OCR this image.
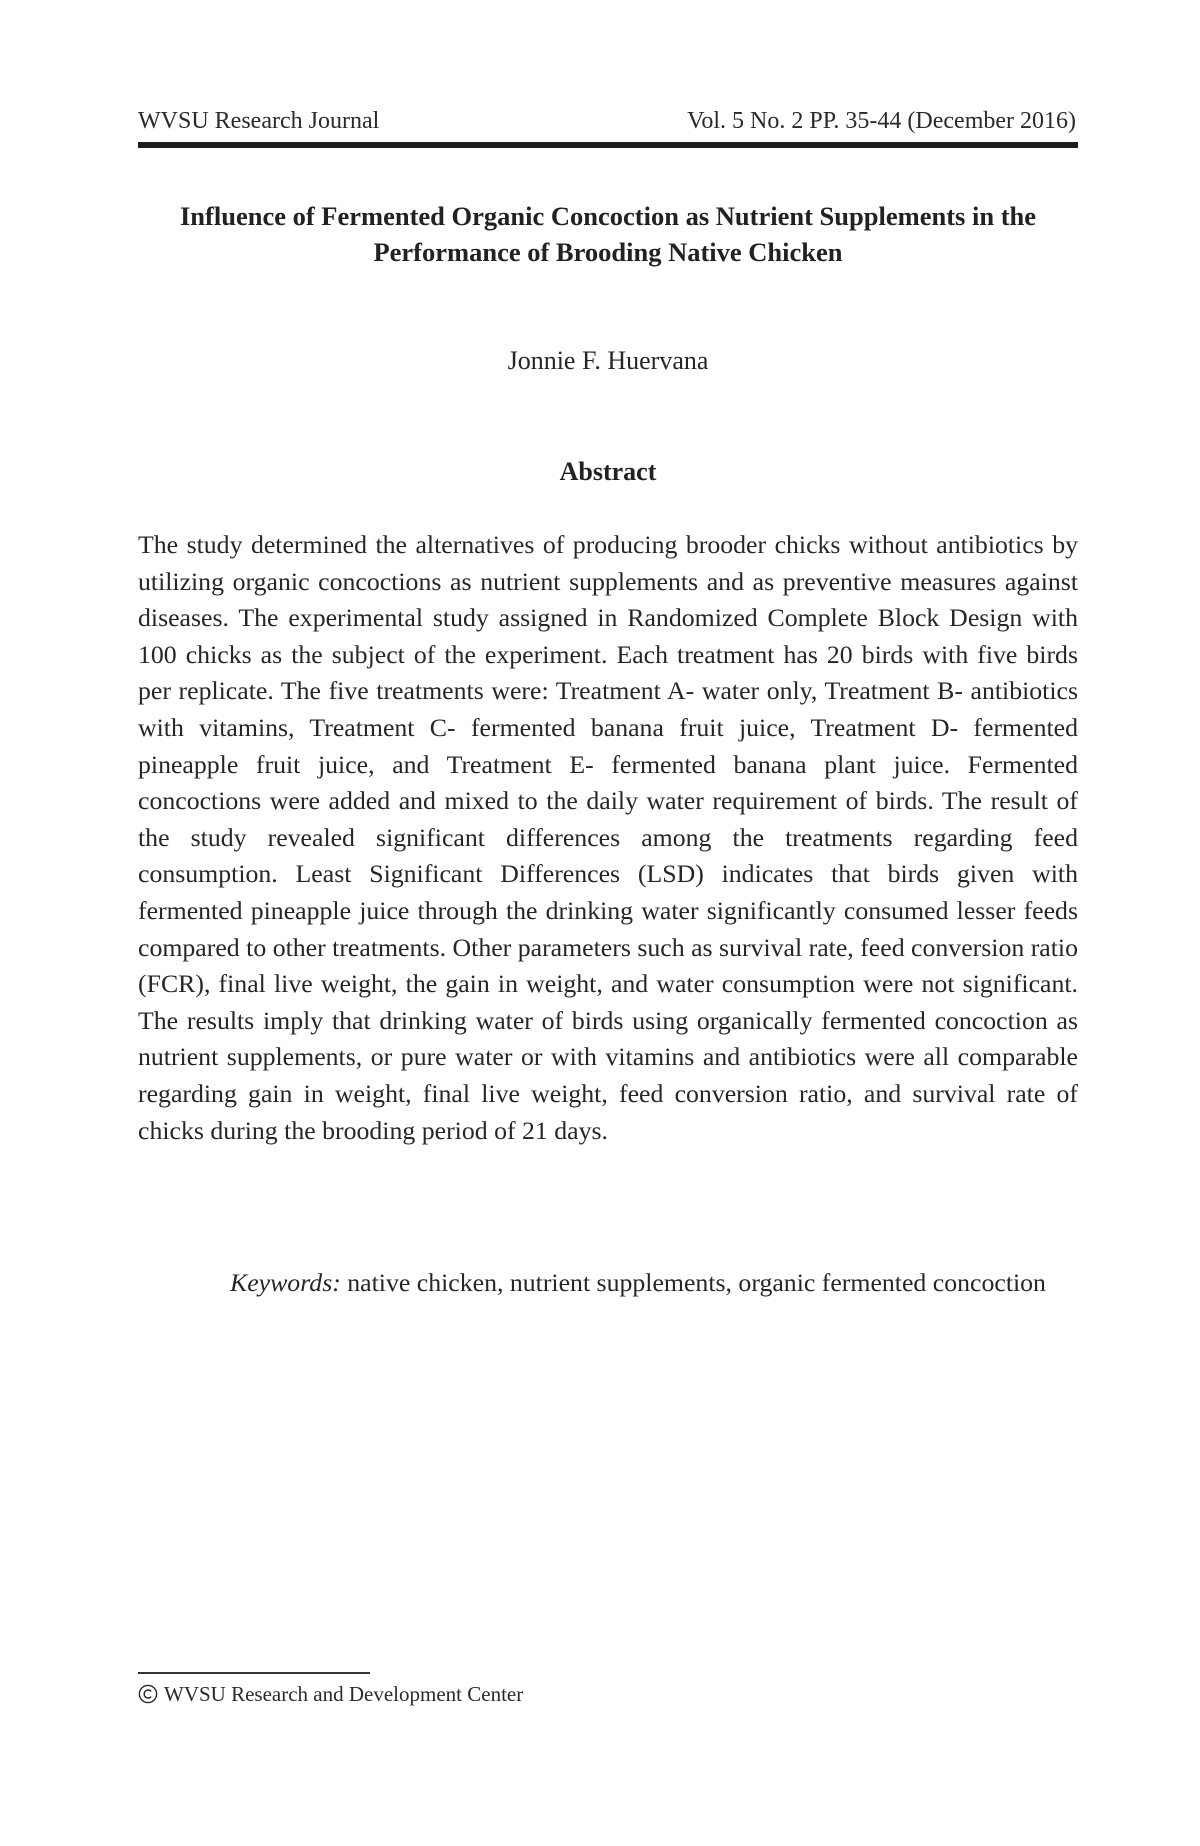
WVSU Research Journal	Vol. 5 No. 2 PP. 35-44 (December 2016)
Influence of Fermented Organic Concoction as Nutrient Supplements in the Performance of Brooding Native Chicken
Jonnie F. Huervana
Abstract

The study determined the alternatives of producing brooder chicks without antibiotics by utilizing organic concoctions as nutrient supplements and as preventive measures against diseases. The experimental study assigned in Randomized Complete Block Design with 100 chicks as the subject of the experiment. Each treatment has 20 birds with five birds per replicate. The five treatments were: Treatment A- water only, Treatment B- antibiotics with vitamins, Treatment C- fermented banana fruit juice, Treatment D- fermented pineapple fruit juice, and Treatment E- fermented banana plant juice. Fermented concoctions were added and mixed to the daily water requirement of birds. The result of the study revealed significant differences among the treatments regarding feed consumption. Least Significant Differences (LSD) indicates that birds given with fermented pineapple juice through the drinking water significantly consumed lesser feeds compared to other treatments. Other parameters such as survival rate, feed conversion ratio (FCR), final live weight, the gain in weight, and water consumption were not significant. The results imply that drinking water of birds using organically fermented concoction as nutrient supplements, or pure water or with vitamins and antibiotics were all comparable regarding gain in weight, final live weight, feed conversion ratio, and survival rate of chicks during the brooding period of 21 days.

Keywords: native chicken, nutrient supplements, organic fermented concoction

WVSU Research and Development Center
